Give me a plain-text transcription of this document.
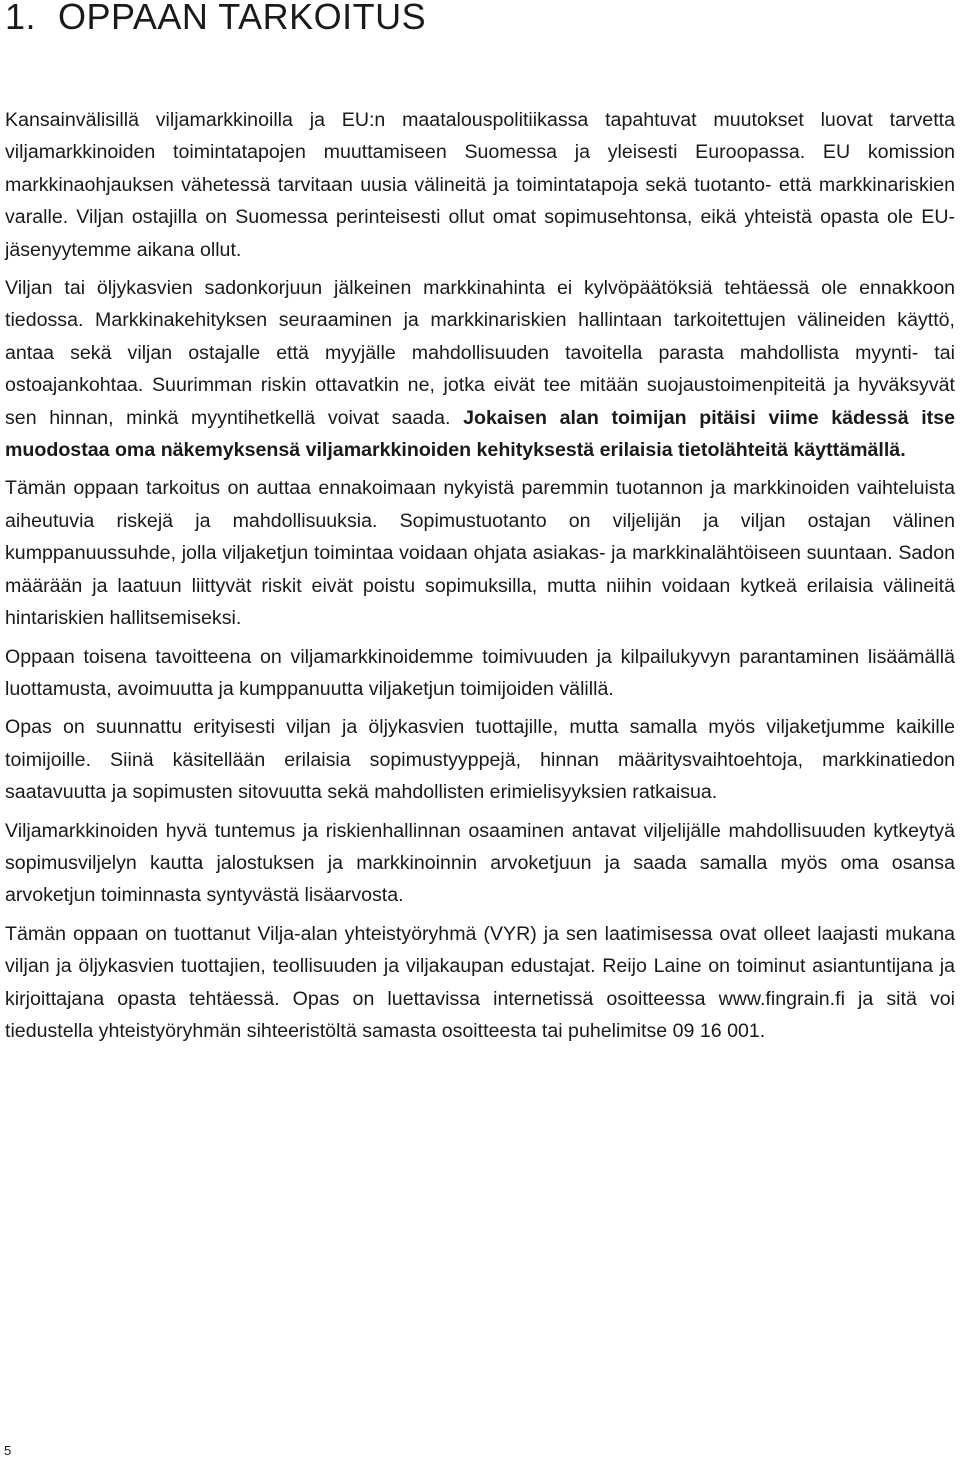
1. OPPAAN TARKOITUS

Kansainvälisillä viljamarkkinoilla ja EU:n maatalouspolitiikassa tapahtuvat muutokset luovat tarvetta viljamarkkinoiden toimintatapojen muuttamiseen Suomessa ja yleisesti Euroopassa. EU komission markkinaohjauksen vähetessä tarvitaan uusia välineitä ja toimintatapoja sekä tuotanto- että markkinariskien varalle. Viljan ostajilla on Suomessa perinteisesti ollut omat sopimusehtonsa, eikä yhteistä opasta ole EU-jäsenyytemme aikana ollut.

Viljan tai öljykasvien sadonkorjuun jälkeinen markkinahinta ei kylvöpäätöksiä tehtäessä ole ennakkoon tiedossa. Markkinakehityksen seuraaminen ja markkinariskien hallintaan tarkoitettujen välineiden käyttö, antaa sekä viljan ostajalle että myyjälle mahdollisuuden tavoitella parasta mahdollista myynti- tai ostoajankohtaa. Suurimman riskin ottavatkin ne, jotka eivät tee mitään suojaustoimenpiteitä ja hyväksyvät sen hinnan, minkä myyntihetkellä voivat saada. Jokaisen alan toimijan pitäisi viime kädessä itse muodostaa oma näkemyksensä viljamarkkinoiden kehityksestä erilaisia tietolähteitä käyttämällä.

Tämän oppaan tarkoitus on auttaa ennakoimaan nykyistä paremmin tuotannon ja markkinoiden vaihteluista aiheutuvia riskejä ja mahdollisuuksia. Sopimustuotanto on viljelijän ja viljan ostajan välinen kumppanuussuhde, jolla viljaketjun toimintaa voidaan ohjata asiakas- ja markkinalähtöiseen suuntaan. Sadon määrään ja laatuun liittyvät riskit eivät poistu sopimuksilla, mutta niihin voidaan kytkeä erilaisia välineitä hintariskien hallitsemiseksi.

Oppaan toisena tavoitteena on viljamarkkinoidemme toimivuuden ja kilpailukyvyn parantaminen lisäämällä luottamusta, avoimuutta ja kumppanuutta viljaketjun toimijoiden välillä.

Opas on suunnattu erityisesti viljan ja öljykasvien tuottajille, mutta samalla myös viljaketjumme kaikille toimijoille. Siinä käsitellään erilaisia sopimustyyppejä, hinnan määritysvaihtoehtoja, markkinatiedon saatavuutta ja sopimusten sitovuutta sekä mahdollisten erimielisyyksien ratkaisua.

Viljamarkkinoiden hyvä tuntemus ja riskienhallinnan osaaminen antavat viljelijälle mahdollisuuden kytkeytyä sopimusviljelyn kautta jalostuksen ja markkinoinnin arvoketjuun ja saada samalla myös oma osansa arvoketjun toiminnasta syntyvästä lisäarvosta.

Tämän oppaan on tuottanut Vilja-alan yhteistyöryhmä (VYR) ja sen laatimisessa ovat olleet laajasti mukana viljan ja öljykasvien tuottajien, teollisuuden ja viljakaupan edustajat. Reijo Laine on toiminut asiantuntijana ja kirjoittajana opasta tehtäessä. Opas on luettavissa internetissä osoitteessa www.fingrain.fi ja sitä voi tiedustella yhteistyöryhmän sihteeristöltä samasta osoitteesta tai puhelimitse 09 16 001.

5
